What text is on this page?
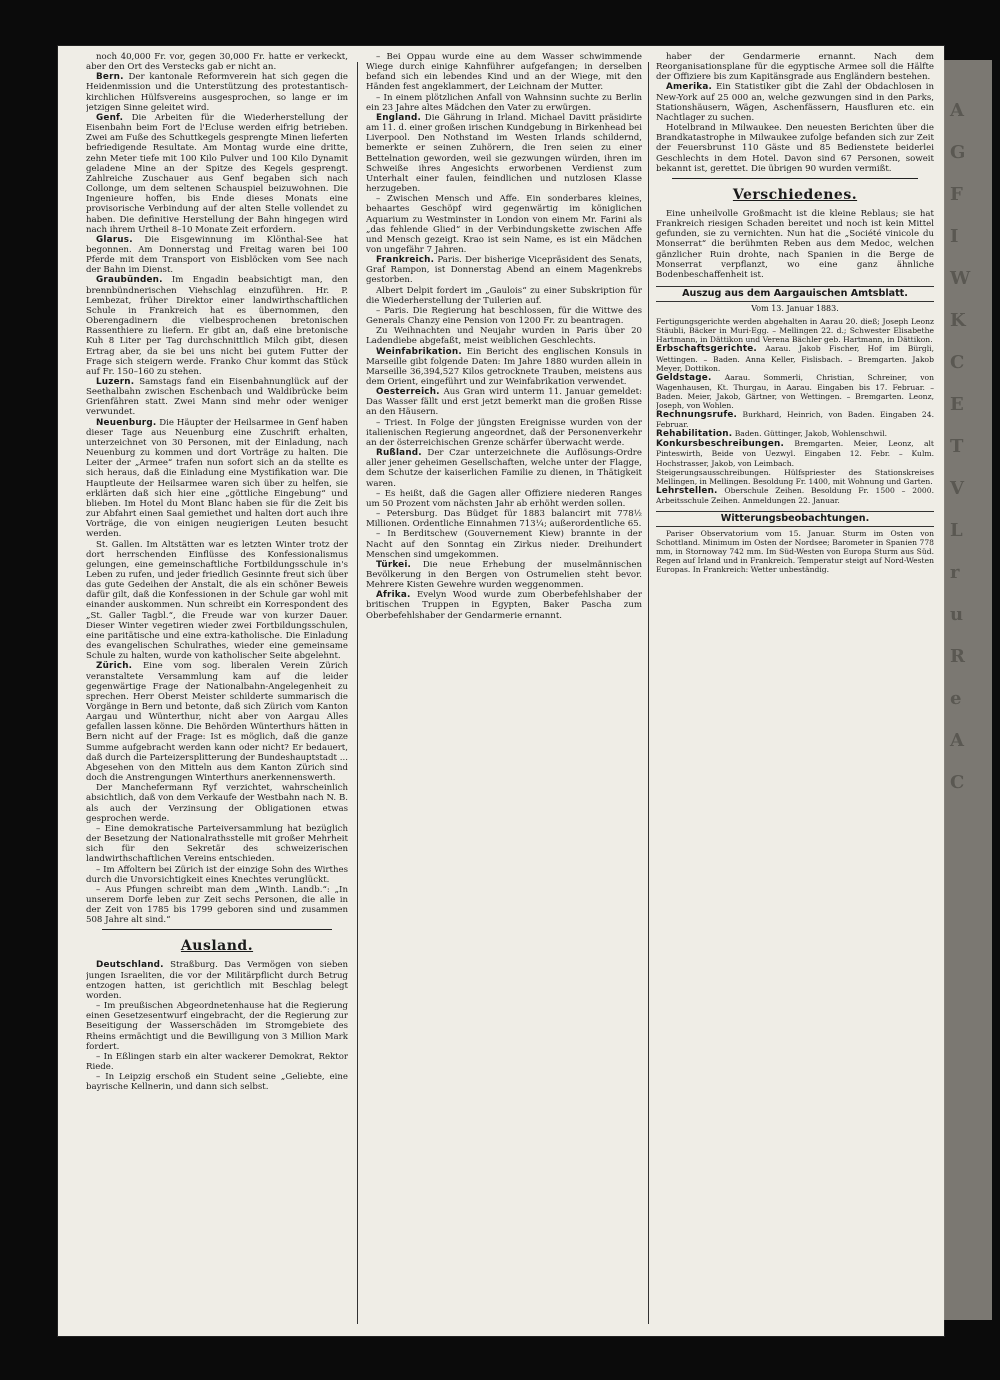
noch 40,000 Fr. vor, gegen 30,000 Fr. hatte er verkeckt, aber den Ort des Verstecks gab er nicht an.

Bern. Der kantonale Reformverein hat sich gegen die Heidenmission und die Unterstützung des protestantisch-kirchlichen Hülfsvereins ausgesprochen, so lange er im jetzigen Sinne geleitet wird.

Genf. Die Arbeiten für die Wiederherstellung der Eisenbahn beim Fort de l'Ecluse werden eifrig betrieben. Zwei am Fuße des Schuttkegels gesprengte Minen lieferten befriedigende Resultate. Am Montag wurde eine dritte, zehn Meter tiefe mit 100 Kilo Pulver und 100 Kilo Dynamit geladene Mine an der Spitze des Kegels gesprengt. Zahlreiche Zuschauer aus Genf begaben sich nach Collonge, um dem seltenen Schauspiel beizuwohnen. Die Ingenieure hoffen, bis Ende dieses Monats eine provisorische Verbindung auf der alten Stelle vollendet zu haben. Die definitive Herstellung der Bahn hingegen wird nach ihrem Urtheil 8–10 Monate Zeit erfordern.

Glarus. Die Eisgewinnung im Klönthal-See hat begonnen. Am Donnerstag und Freitag waren bei 100 Pferde mit dem Transport von Eisblöcken vom See nach der Bahn im Dienst.

Graubünden. Im Engadin beabsichtigt man, den brennbündnerischen Viehschlag einzuführen. Hr. P. Lembezat, früher Direktor einer landwirthschaftlichen Schule in Frankreich hat es übernommen, den Oberengadinern die vielbesprochenen bretonischen Rassenthiere zu liefern. Er gibt an, daß eine bretonische Kuh 8 Liter per Tag durchschnittlich Milch gibt, diesen Ertrag aber, da sie bei uns nicht bei gutem Futter der Frage sich steigern werde. Franko Chur kommt das Stück auf Fr. 150–160 zu stehen.

Luzern. Samstags fand ein Eisenbahnunglück auf der Seethalbahn zwischen Eschenbach und Waldibrücke beim Grienfähren statt. Zwei Mann sind mehr oder weniger verwundet.

Neuenburg. Die Häupter der Heilsarmee in Genf haben dieser Tage aus Neuenburg eine Zuschrift erhalten, unterzeichnet von 30 Personen, mit der Einladung, nach Neuenburg zu kommen und dort Vorträge zu halten. Die Leiter der „Armee“ trafen nun sofort sich an da stellte es sich heraus, daß die Einladung eine Mystifikation war. Die Hauptleute der Heilsarmee waren sich über zu helfen, sie erklärten daß sich hier eine „göttliche Eingebung“ und blieben. Im Hotel du Mont Blanc haben sie für die Zeit bis zur Abfahrt einen Saal gemiethet und halten dort auch ihre Vorträge, die von einigen neugierigen Leuten besucht werden.

St. Gallen. Im Altstätten war es letzten Winter trotz der dort herrschenden Einflüsse des Konfessionalismus gelungen, eine gemeinschaftliche Fortbildungsschule in's Leben zu rufen, und jeder friedlich Gesinnte freut sich über das gute Gedeihen der Anstalt, die als ein schöner Beweis dafür gilt, daß die Konfessionen in der Schule gar wohl mit einander auskommen. Nun schreibt ein Korrespondent des „St. Galler Tagbl.“, die Freude war von kurzer Dauer. Dieser Winter vegetiren wieder zwei Fortbildungsschulen, eine paritätische und eine extra-katholische. Die Einladung des evangelischen Schulrathes, wieder eine gemeinsame Schule zu halten, wurde von katholischer Seite abgelehnt.

Zürich. Eine vom sog. liberalen Verein Zürich veranstaltete Versammlung kam auf die leider gegenwärtige Frage der Nationalbahn-Angelegenheit zu sprechen. Herr Oberst Meister schilderte summarisch die Vorgänge in Bern und betonte, daß sich Zürich vom Kanton Aargau und Wünterthur, nicht aber von Aargau Alles gefallen lassen könne. Die Behörden Wünterthurs hätten in Bern nicht auf der Frage: Ist es möglich, daß die ganze Summe aufgebracht werden kann oder nicht? Er bedauert, daß durch die Parteizersplitterung der Bundeshauptstadt ... Abgesehen von den Mitteln aus dem Kanton Zürich sind doch die Anstrengungen Winterthurs anerkennenswerth.

Der Manchefermann Ryf verzichtet, wahrscheinlich absichtlich, daß von dem Verkaufe der Westbahn nach N. B. als auch der Verzinsung der Obligationen etwas gesprochen werde.

– Eine demokratische Parteiversammlung hat bezüglich der Besetzung der Nationalrathsstelle mit großer Mehrheit sich für den Sekretär des schweizerischen landwirthschaftlichen Vereins entschieden.

– Im Affoltern bei Zürich ist der einzige Sohn des Wirthes durch die Unvorsichtigkeit eines Knechtes verunglückt.

– Aus Pfungen schreibt man dem „Winth. Landb.“: „In unserem Dorfe leben zur Zeit sechs Personen, die alle in der Zeit von 1785 bis 1799 geboren sind und zusammen 508 Jahre alt sind.“

Ausland.

Deutschland. Straßburg. Das Vermögen von sieben jungen Israeliten, die vor der Militärpflicht durch Betrug entzogen hatten, ist gerichtlich mit Beschlag belegt worden.

– Im preußischen Abgeordnetenhause hat die Regierung einen Gesetzesentwurf eingebracht, der die Regierung zur Beseitigung der Wasserschäden im Stromgebiete des Rheins ermächtigt und die Bewilligung von 3 Million Mark fordert.

– In Eßlingen starb ein alter wackerer Demokrat, Rektor Riede.

– In Leipzig erschoß ein Student seine „Geliebte, eine bayrische Kellnerin, und dann sich selbst.

– Bei Oppau wurde eine au dem Wasser schwimmende Wiege durch einige Kahnführer aufgefangen; in derselben befand sich ein lebendes Kind und an der Wiege, mit den Händen fest angeklammert, der Leichnam der Mutter.

– In einem plötzlichen Anfall von Wahnsinn suchte zu Berlin ein 23 Jahre altes Mädchen den Vater zu erwürgen.

England. Die Gährung in Irland. Michael Davitt präsidirte am 11. d. einer großen irischen Kundgebung in Birkenhead bei Liverpool. Den Nothstand im Westen Irlands schildernd, bemerkte er seinen Zuhörern, die Iren seien zu einer Bettelnation geworden, weil sie gezwungen würden, ihren im Schweiße ihres Angesichts erworbenen Verdienst zum Unterhalt einer faulen, feindlichen und nutzlosen Klasse herzugeben.

– Zwischen Mensch und Affe. Ein sonderbares kleines, behaartes Geschöpf wird gegenwärtig im königlichen Aquarium zu Westminster in London von einem Mr. Farini als „das fehlende Glied“ in der Verbindungskette zwischen Affe und Mensch gezeigt. Krao ist sein Name, es ist ein Mädchen von ungefähr 7 Jahren.

Frankreich. Paris. Der bisherige Vicepräsident des Senats, Graf Rampon, ist Donnerstag Abend an einem Magenkrebs gestorben.

Albert Delpit fordert im „Gaulois“ zu einer Subskription für die Wiederherstellung der Tuilerien auf.

– Paris. Die Regierung hat beschlossen, für die Wittwe des Generals Chanzy eine Pension von 1200 Fr. zu beantragen.

Zu Weihnachten und Neujahr wurden in Paris über 20 Ladendiebe abgefaßt, meist weiblichen Geschlechts.

Weinfabrikation. Ein Bericht des englischen Konsuls in Marseille gibt folgende Daten: Im Jahre 1880 wurden allein in Marseille 36,394,527 Kilos getrocknete Trauben, meistens aus dem Orient, eingeführt und zur Weinfabrikation verwendet.

Oesterreich. Aus Gran wird unterm 11. Januar gemeldet: Das Wasser fällt und erst jetzt bemerkt man die großen Risse an den Häusern.

– Triest. In Folge der jüngsten Ereignisse wurden von der italienischen Regierung angeordnet, daß der Personenverkehr an der österreichischen Grenze schärfer überwacht werde.

Rußland. Der Czar unterzeichnete die Auflösungs-Ordre aller jener geheimen Gesellschaften, welche unter der Flagge, dem Schutze der kaiserlichen Familie zu dienen, in Thätigkeit waren.

– Es heißt, daß die Gagen aller Offiziere niederen Ranges um 50 Prozent vom nächsten Jahr ab erhöht werden sollen.

– Petersburg. Das Büdget für 1883 balancirt mit 778½ Millionen. Ordentliche Einnahmen 713¼; außerordentliche 65.

– In Berditschew (Gouvernement Kiew) brannte in der Nacht auf den Sonntag ein Zirkus nieder. Dreihundert Menschen sind umgekommen.

Türkei. Die neue Erhebung der muselmännischen Bevölkerung in den Bergen von Ostrumelien steht bevor. Mehrere Kisten Gewehre wurden weggenommen.

Afrika. Evelyn Wood wurde zum Oberbefehlshaber der britischen Truppen in Egypten, Baker Pascha zum Oberbefehlshaber der Gendarmerie ernannt.

haber der Gendarmerie ernannt. Nach dem Reorganisationsplane für die egyptische Armee soll die Hälfte der Offiziere bis zum Kapitänsgrade aus Engländern bestehen.

Amerika. Ein Statistiker gibt die Zahl der Obdachlosen in New-York auf 25 000 an, welche gezwungen sind in den Parks, Stationshäusern, Wägen, Aschenfässern, Hausfluren etc. ein Nachtlager zu suchen.

Hotelbrand in Milwaukee. Den neuesten Berichten über die Brandkatastrophe in Milwaukee zufolge befanden sich zur Zeit der Feuersbrunst 110 Gäste und 85 Bedienstete beiderlei Geschlechts in dem Hotel. Davon sind 67 Personen, soweit bekannt ist, gerettet. Die übrigen 90 wurden vermißt.

Verschiedenes.

Eine unheilvolle Großmacht ist die kleine Reblaus; sie hat Frankreich riesigen Schaden bereitet und noch ist kein Mittel gefunden, sie zu vernichten. Nun hat die „Société vinicole du Monserrat“ die berühmten Reben aus dem Medoc, welchen gänzlicher Ruin drohte, nach Spanien in die Berge de Monserrat verpflanzt, wo eine ganz ähnliche Bodenbeschaffenheit ist.

Auszug aus dem Aargauischen Amtsblatt.
Vom 13. Januar 1883.

Fertigungsgerichte werden abgehalten in Aarau 20. dieß; Joseph Leonz Stäubli, Bäcker in Muri-Egg. – Mellingen 22. d.; Schwester Elisabethe Hartmann, in Dättikon und Verena Bächler geb. Hartmann, in Dättikon.

Erbschaftsgerichte. Aarau. Jakob Fischer, Hof im Bürgli, Wettingen. – Baden. Anna Keller, Fislisbach. – Bremgarten. Jakob Meyer, Dottikon.

Geldstage. Aarau. Sommerli, Christian, Schreiner, von Wagenhausen, Kt. Thurgau, in Aarau. Eingaben bis 17. Februar. – Baden. Meier, Jakob, Gärtner, von Wettingen. – Bremgarten. Leonz, Joseph, von Wohlen.

Rechnungsrufe. Burkhard, Heinrich, von Baden. Eingaben 24. Februar.

Rehabilitation. Baden. Güttinger, Jakob, Wohlenschwil.

Konkursbeschreibungen. Bremgarten. Meier, Leonz, alt Pinteswirth, Beide von Uezwyl. Eingaben 12. Febr. – Kulm. Hochstrasser, Jakob, von Leimbach.

Steigerungsausschreibungen. Hülfspriester des Stationskreises Mellingen, in Mellingen. Besoldung Fr. 1400, mit Wohnung und Garten.

Lehrstellen. Oberschule Zeihen. Besoldung Fr. 1500 – 2000. Arbeitsschule Zeihen. Anmeldungen 22. Januar.

Witterungsbeobachtungen.

Pariser Observatorium vom 15. Januar. Sturm im Osten von Schottland. Minimum im Osten der Nordsee; Barometer in Spanien 778 mm, in Stornoway 742 mm. Im Süd-Westen von Europa Sturm aus Süd. Regen auf Irland und in Frankreich. Temperatur steigt auf Nord-Westen Europas. In Frankreich: Wetter unbeständig.

A
G
F
I
W
K
C
E
T
V
L
r
u
R
e
A
C
